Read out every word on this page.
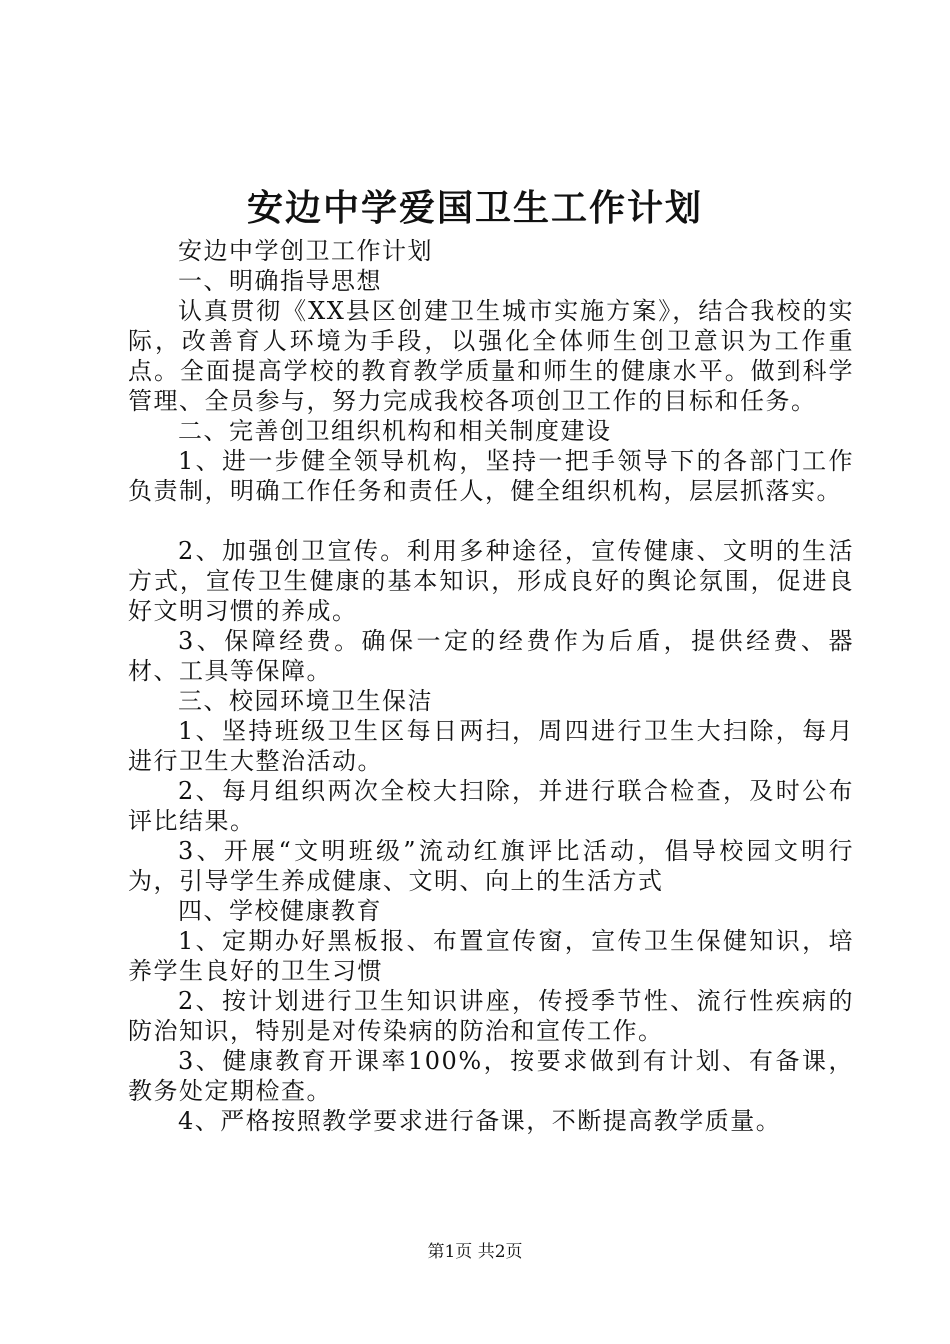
安边中学爱国卫生工作计划

安边中学创卫工作计划

一、明确指导思想

认真贯彻《XX县区创建卫生城市实施方案》，结合我校的实际，改善育人环境为手段，以强化全体师生创卫意识为工作重点。全面提高学校的教育教学质量和师生的健康水平。做到科学管理、全员参与，努力完成我校各项创卫工作的目标和任务。

二、完善创卫组织机构和相关制度建设

1、进一步健全领导机构，坚持一把手领导下的各部门工作负责制，明确工作任务和责任人，健全组织机构，层层抓落实。

2、加强创卫宣传。利用多种途径，宣传健康、文明的生活方式，宣传卫生健康的基本知识，形成良好的舆论氛围，促进良好文明习惯的养成。

3、保障经费。确保一定的经费作为后盾，提供经费、器材、工具等保障。

三、校园环境卫生保洁

1、坚持班级卫生区每日两扫，周四进行卫生大扫除，每月进行卫生大整治活动。

2、每月组织两次全校大扫除，并进行联合检查，及时公布评比结果。

3、开展“文明班级”流动红旗评比活动，倡导校园文明行为，引导学生养成健康、文明、向上的生活方式

四、学校健康教育

1、定期办好黑板报、布置宣传窗，宣传卫生保健知识，培养学生良好的卫生习惯

2、按计划进行卫生知识讲座，传授季节性、流行性疾病的防治知识，特别是对传染病的防治和宣传工作。

3、健康教育开课率100%，按要求做到有计划、有备课，教务处定期检查。

4、严格按照教学要求进行备课，不断提高教学质量。

第1页 共2页
